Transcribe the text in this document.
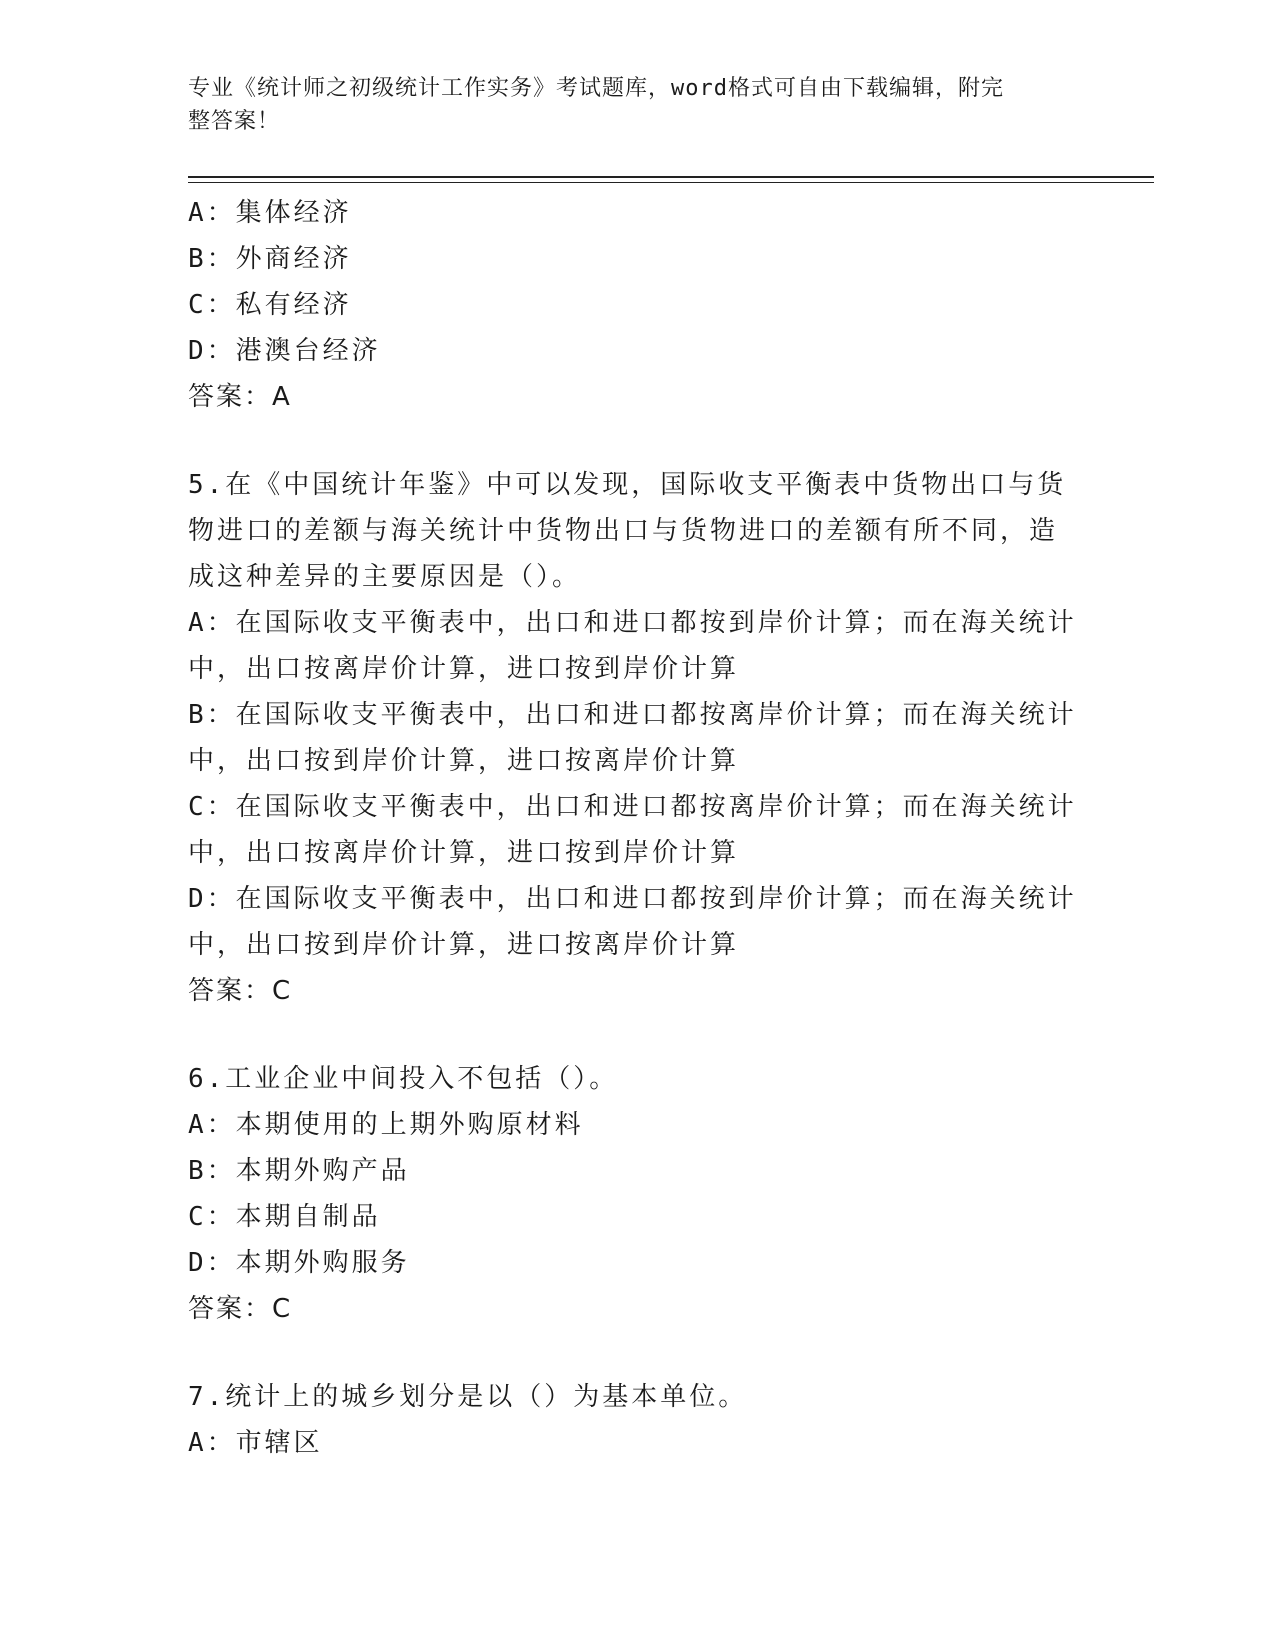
专业《统计师之初级统计工作实务》考试题库，word格式可自由下载编辑，附完
整答案！
A：集体经济
B：外商经济
C：私有经济
D：港澳台经济
答案：A
5.在《中国统计年鉴》中可以发现，国际收支平衡表中货物出口与货
物进口的差额与海关统计中货物出口与货物进口的差额有所不同，造
成这种差异的主要原因是（）。
A：在国际收支平衡表中，出口和进口都按到岸价计算；而在海关统计
中，出口按离岸价计算，进口按到岸价计算
B：在国际收支平衡表中，出口和进口都按离岸价计算；而在海关统计
中，出口按到岸价计算，进口按离岸价计算
C：在国际收支平衡表中，出口和进口都按离岸价计算；而在海关统计
中，出口按离岸价计算，进口按到岸价计算
D：在国际收支平衡表中，出口和进口都按到岸价计算；而在海关统计
中，出口按到岸价计算，进口按离岸价计算
答案：C
6.工业企业中间投入不包括（）。
A：本期使用的上期外购原材料
B：本期外购产品
C：本期自制品
D：本期外购服务
答案：C
7.统计上的城乡划分是以（）为基本单位。
A：市辖区
